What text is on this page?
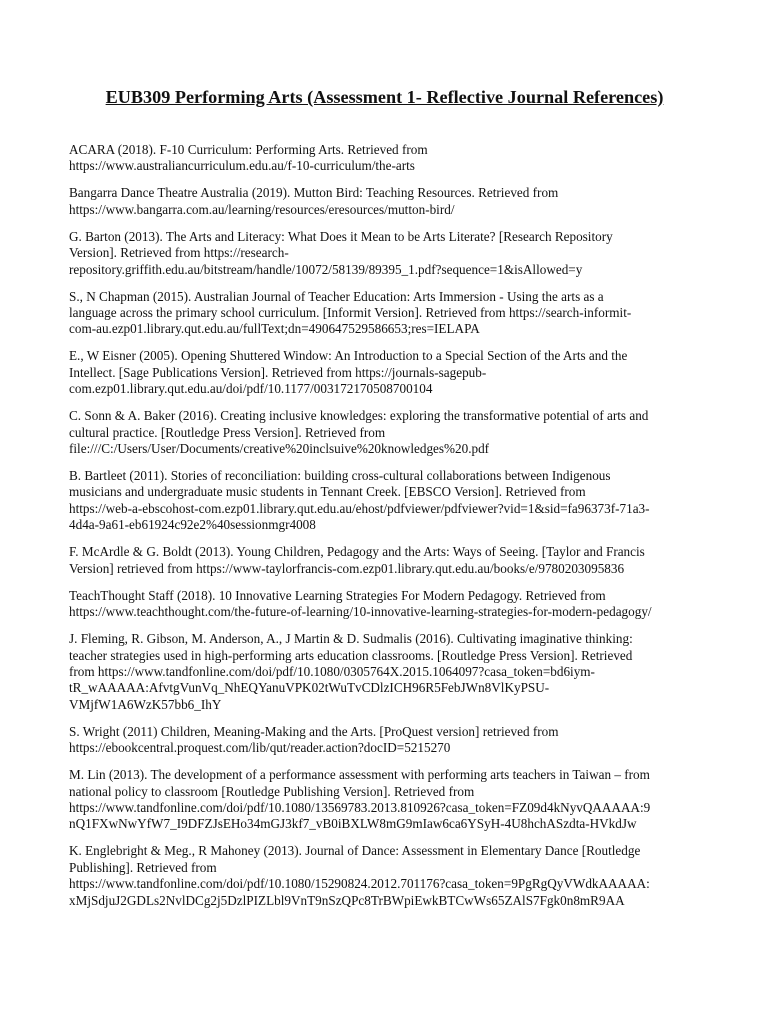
EUB309 Performing Arts (Assessment 1- Reflective Journal References)
ACARA (2018). F-10 Curriculum: Performing Arts. Retrieved from
https://www.australiancurriculum.edu.au/f-10-curriculum/the-arts
Bangarra Dance Theatre Australia (2019). Mutton Bird: Teaching Resources. Retrieved from
https://www.bangarra.com.au/learning/resources/eresources/mutton-bird/
G. Barton (2013). The Arts and Literacy: What Does it Mean to be Arts Literate? [Research Repository
Version]. Retrieved from https://research-
repository.griffith.edu.au/bitstream/handle/10072/58139/89395_1.pdf?sequence=1&isAllowed=y
S., N Chapman (2015). Australian Journal of Teacher Education: Arts Immersion - Using the arts as a
language across the primary school curriculum. [Informit Version]. Retrieved from https://search-informit-
com-au.ezp01.library.qut.edu.au/fullText;dn=490647529586653;res=IELAPA
E., W Eisner (2005). Opening Shuttered Window: An Introduction to a Special Section of the Arts and the
Intellect. [Sage Publications Version]. Retrieved from https://journals-sagepub-
com.ezp01.library.qut.edu.au/doi/pdf/10.1177/003172170508700104
C. Sonn & A. Baker (2016). Creating inclusive knowledges: exploring the transformative potential of arts and
cultural practice. [Routledge Press Version]. Retrieved from
file:///C:/Users/User/Documents/creative%20inclsuive%20knowledges%20.pdf
B. Bartleet (2011). Stories of reconciliation: building cross-cultural collaborations between Indigenous
musicians and undergraduate music students in Tennant Creek. [EBSCO Version]. Retrieved from
https://web-a-ebscohost-com.ezp01.library.qut.edu.au/ehost/pdfviewer/pdfviewer?vid=1&sid=fa96373f-71a3-
4d4a-9a61-eb61924c92e2%40sessionmgr4008
F. McArdle & G. Boldt (2013). Young Children, Pedagogy and the Arts: Ways of Seeing. [Taylor and Francis
Version] retrieved from https://www-taylorfrancis-com.ezp01.library.qut.edu.au/books/e/9780203095836
TeachThought Staff (2018). 10 Innovative Learning Strategies For Modern Pedagogy. Retrieved from
https://www.teachthought.com/the-future-of-learning/10-innovative-learning-strategies-for-modern-pedagogy/
J. Fleming, R. Gibson, M. Anderson, A., J Martin & D. Sudmalis (2016). Cultivating imaginative thinking:
teacher strategies used in high-performing arts education classrooms. [Routledge Press Version]. Retrieved
from https://www.tandfonline.com/doi/pdf/10.1080/0305764X.2015.1064097?casa_token=bd6iym-
tR_wAAAAA:AfvtgVunVq_NhEQYanuVPK02tWuTvCDlzICH96R5FebJWn8VlKyPSU-
VMjfW1A6WzK57bb6_IhY
S. Wright (2011) Children, Meaning-Making and the Arts. [ProQuest version] retrieved from
https://ebookcentral.proquest.com/lib/qut/reader.action?docID=5215270
M. Lin (2013). The development of a performance assessment with performing arts teachers in Taiwan – from
national policy to classroom [Routledge Publishing Version]. Retrieved from
https://www.tandfonline.com/doi/pdf/10.1080/13569783.2013.810926?casa_token=FZ09d4kNyvQAAAAA:9
nQ1FXwNwYfW7_I9DFZJsEHo34mGJ3kf7_vB0iBXLW8mG9mIaw6ca6YSyH-4U8hchASzdta-HVkdJw
K. Englebright & Meg., R Mahoney (2013). Journal of Dance: Assessment in Elementary Dance [Routledge
Publishing]. Retrieved from
https://www.tandfonline.com/doi/pdf/10.1080/15290824.2012.701176?casa_token=9PgRgQyVWdkAAAAA:
xMjSdjuJ2GDLs2NvlDCg2j5DzlPIZLbl9VnT9nSzQPc8TrBWpiEwkBTCwWs65ZAlS7Fgk0n8mR9AA
